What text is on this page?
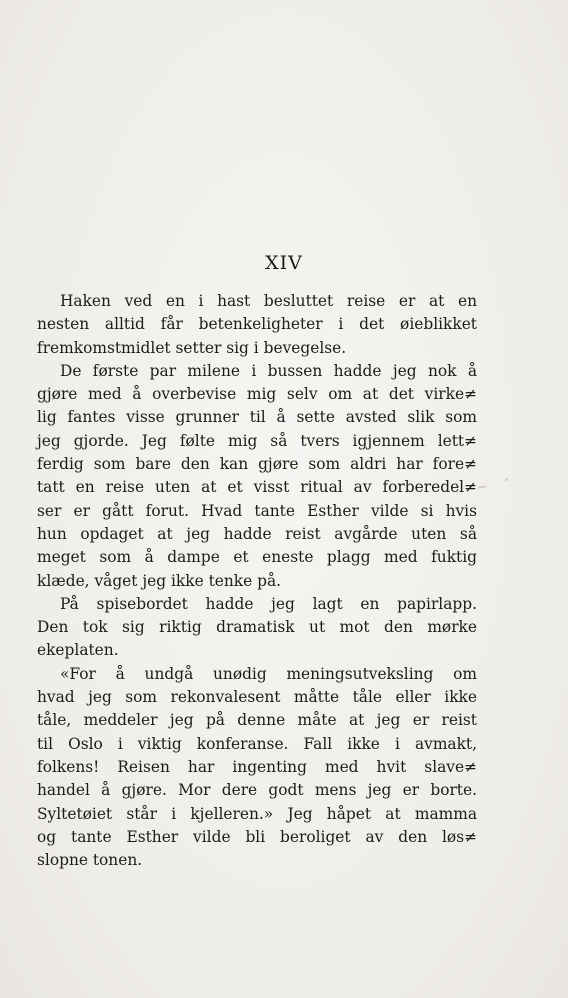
XIV
Haken ved en i hast besluttet reise er at en
nesten alltid får betenkeligheter i det øieblikket
fremkomstmidlet setter sig i bevegelse.
De første par milene i bussen hadde jeg nok å
gjøre med å overbevise mig selv om at det virke≠
lig fantes visse grunner til å sette avsted slik som
jeg gjorde. Jeg følte mig så tvers igjennem lett≠
ferdig som bare den kan gjøre som aldri har fore≠
tatt en reise uten at et visst ritual av forberedel≠
ser er gått forut. Hvad tante Esther vilde si hvis
hun opdaget at jeg hadde reist avgårde uten så
meget som å dampe et eneste plagg med fuktig
klæde, våget jeg ikke tenke på.
På spisebordet hadde jeg lagt en papirlapp.
Den tok sig riktig dramatisk ut mot den mørke
ekeplaten.
«For å undgå unødig meningsutveksling om
hvad jeg som rekonvalesent måtte tåle eller ikke
tåle, meddeler jeg på denne måte at jeg er reist
til Oslo i viktig konferanse. Fall ikke i avmakt,
folkens! Reisen har ingenting med hvit slave≠
handel å gjøre. Mor dere godt mens jeg er borte.
Syltetøiet står i kjelleren.» Jeg håpet at mamma
og tante Esther vilde bli beroliget av den løs≠
slopne tonen.
